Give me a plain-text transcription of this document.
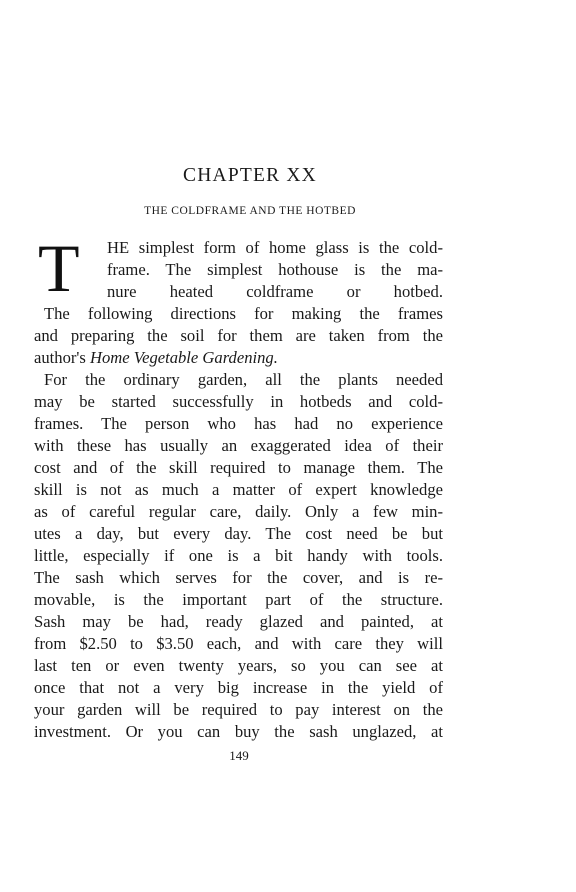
CHAPTER XX
THE COLDFRAME AND THE HOTBED
T HE simplest form of home glass is the cold-
frame. The simplest hothouse is the ma-
nure heated coldframe or hotbed.
The following directions for making the frames
and preparing the soil for them are taken from the
author's Home Vegetable Gardening.
For the ordinary garden, all the plants needed
may be started successfully in hotbeds and cold-
frames. The person who has had no experience
with these has usually an exaggerated idea of their
cost and of the skill required to manage them. The
skill is not as much a matter of expert knowledge
as of careful regular care, daily. Only a few min-
utes a day, but every day. The cost need be but
little, especially if one is a bit handy with tools.
The sash which serves for the cover, and is re-
movable, is the important part of the structure.
Sash may be had, ready glazed and painted, at
from $2.50 to $3.50 each, and with care they will
last ten or even twenty years, so you can see at
once that not a very big increase in the yield of
your garden will be required to pay interest on the
investment. Or you can buy the sash unglazed, at
149
